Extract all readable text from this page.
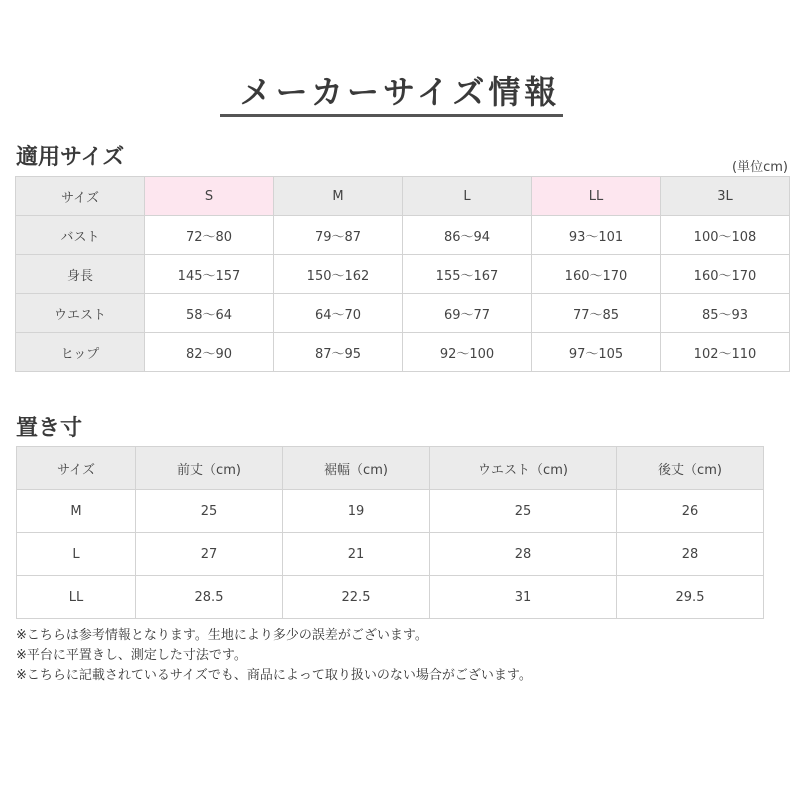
メーカーサイズ情報
適用サイズ	(単位cm)
サイズ	S	M	L	LL	3L
バスト	72〜80	79〜87	86〜94	93〜101	100〜108
身長	145〜157	150〜162	155〜167	160〜170	160〜170
ウエスト	58〜64	64〜70	69〜77	77〜85	85〜93
ヒップ	82〜90	87〜95	92〜100	97〜105	102〜110
置き寸
サイズ	前丈（cm)	裾幅（cm)	ウエスト（cm)	後丈（cm)
M	25	19	25	26
L	27	21	28	28
LL	28.5	22.5	31	29.5
※こちらは参考情報となります。生地により多少の誤差がございます。
※平台に平置きし、測定した寸法です。
※こちらに記載されているサイズでも、商品によって取り扱いのない場合がございます。
